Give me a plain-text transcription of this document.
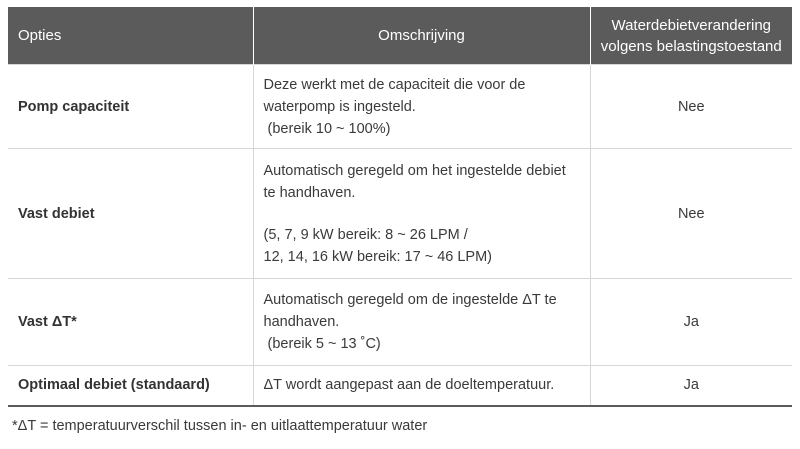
Opties	Omschrijving	Waterdebietverandering
volgens belastingstoestand
Pomp capaciteit	Deze werkt met de capaciteit die voor de
waterpomp is ingesteld.
(bereik 10 ~ 100%)	Nee
Vast debiet	Automatisch geregeld om het ingestelde debiet
te handhaven.
(5, 7, 9 kW bereik: 8 ~ 26 LPM /
12, 14, 16 kW bereik: 17 ~ 46 LPM)	Nee
Vast ΔT*	Automatisch geregeld om de ingestelde ΔT te
handhaven.
(bereik 5 ~ 13 ˚C)	Ja
Optimaal debiet (standaard)	ΔT wordt aangepast aan de doeltemperatuur.	Ja
*ΔT = temperatuurverschil tussen in- en uitlaattemperatuur water
